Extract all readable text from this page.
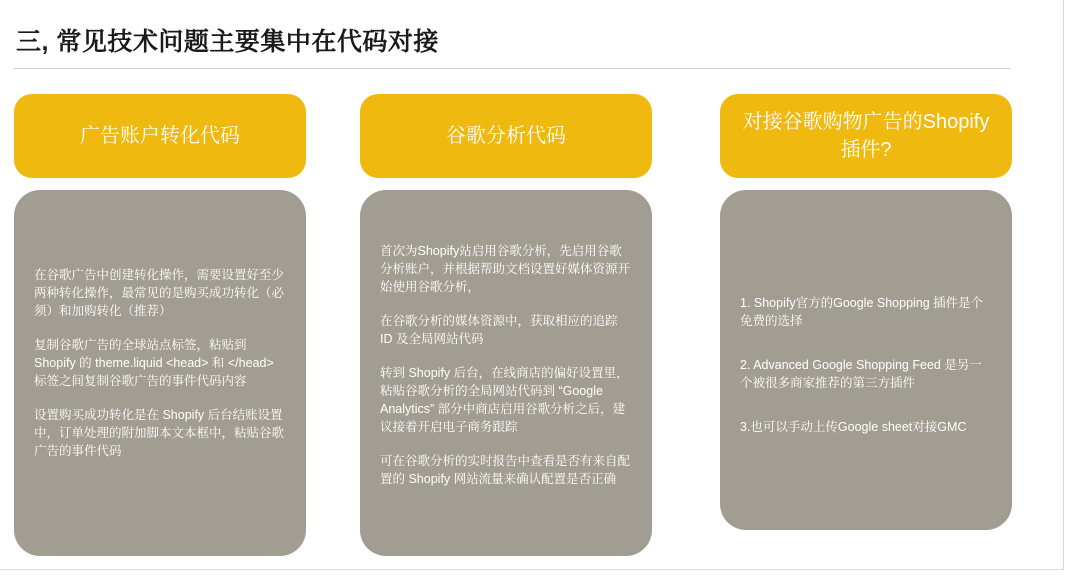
三, 常见技术问题主要集中在代码对接
广告账户转化代码

在谷歌广告中创建转化操作，需要设置好至少两种转化操作，最常见的是购买成功转化（必须）和加购转化（推荐）

复制谷歌广告的全球站点标签，粘贴到 Shopify 的 theme.liquid <head> 和 </head> 标签之间复制谷歌广告的事件代码内容

设置购买成功转化是在 Shopify 后台结账设置中，订单处理的附加脚本文本框中，粘贴谷歌广告的事件代码

谷歌分析代码

首次为Shopify站启用谷歌分析，先启用谷歌分析账户，并根据帮助文档设置好媒体资源开始使用谷歌分析，

在谷歌分析的媒体资源中，获取相应的追踪 ID 及全局网站代码

转到 Shopify 后台，在线商店的偏好设置里，粘贴谷歌分析的全局网站代码到 “Google Analytics” 部分中商店启用谷歌分析之后，建议接着开启电子商务跟踪

可在谷歌分析的实时报告中查看是否有来自配置的 Shopify 网站流量来确认配置是否正确

对接谷歌购物广告的Shopify插件?

1. Shopify官方的Google Shopping 插件是个免费的选择

2. Advanced Google Shopping Feed 是另一个被很多商家推荐的第三方插件

3.也可以手动上传Google sheet对接GMC
